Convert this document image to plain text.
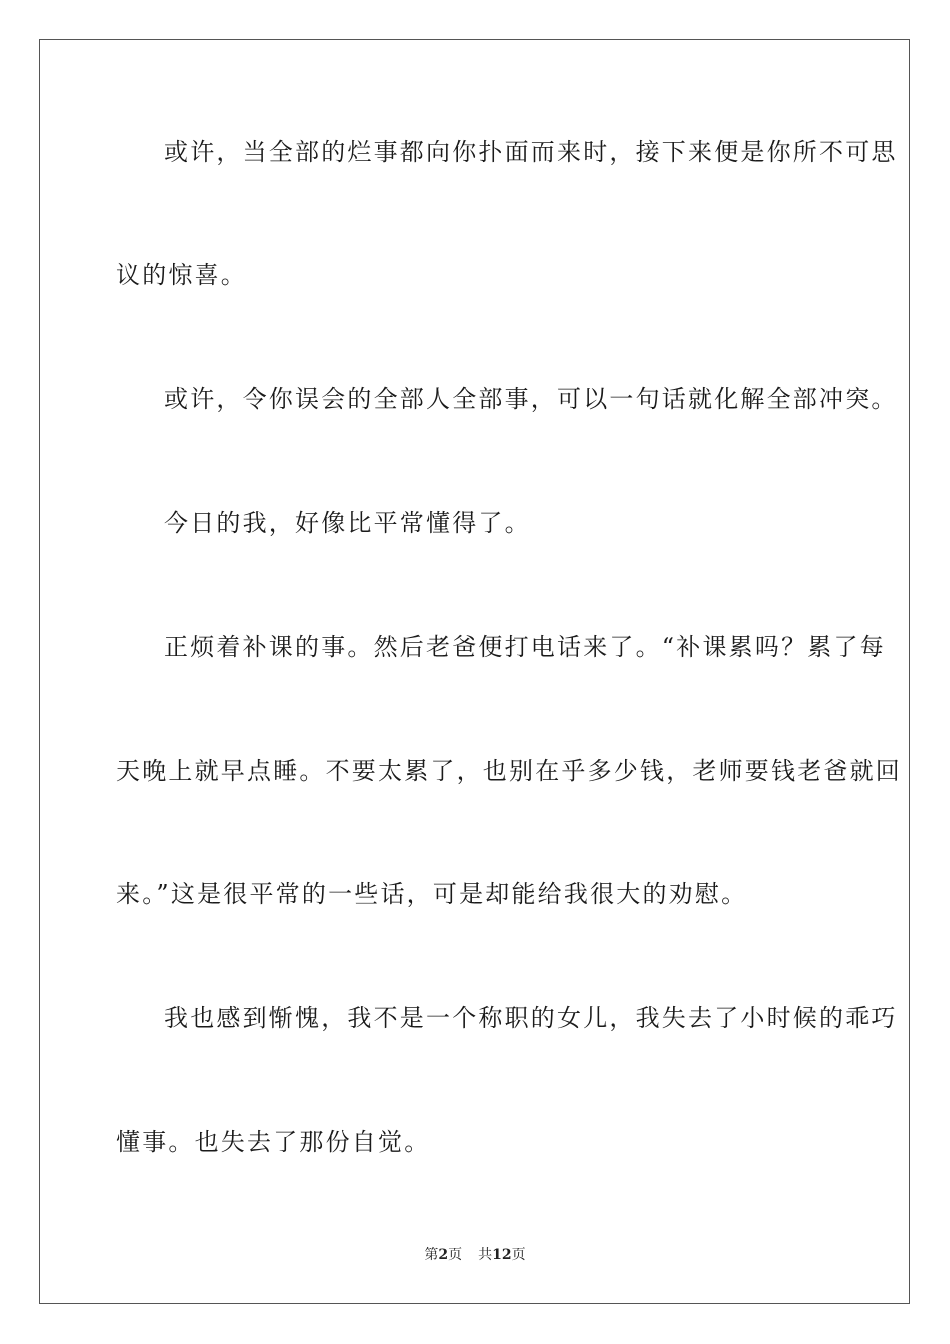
或许，当全部的烂事都向你扑面而来时，接下来便是你所不可思
议的惊喜。
或许，令你误会的全部人全部事，可以一句话就化解全部冲突。
今日的我，好像比平常懂得了。
正烦着补课的事。然后老爸便打电话来了。“补课累吗？累了每
天晚上就早点睡。不要太累了，也别在乎多少钱，老师要钱老爸就回
来。”这是很平常的一些话，可是却能给我很大的劝慰。
我也感到惭愧，我不是一个称职的女儿，我失去了小时候的乖巧
懂事。也失去了那份自觉。
第2页 共12页
